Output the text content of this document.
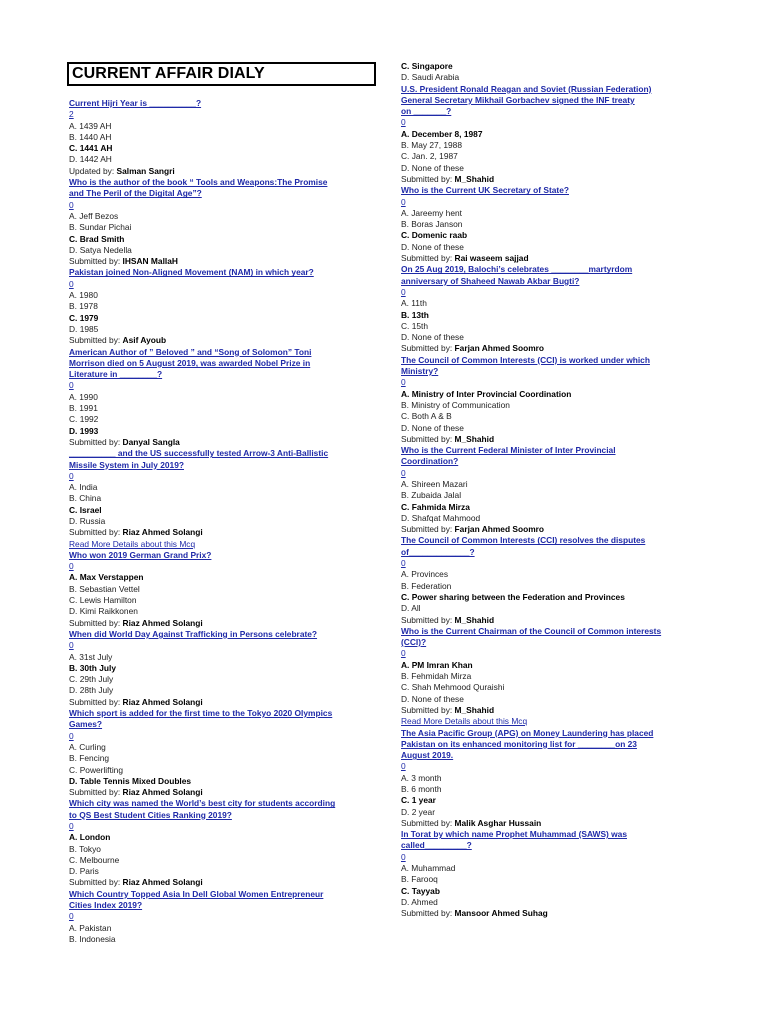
CURRENT AFFAIR DIALY
Current Hijri Year is __________?
2
A. 1439 AH
B. 1440 AH
C. 1441 AH
D. 1442 AH
Updated by: Salman Sangri
Who is the author of the book “ Tools and Weapons:The Promise
and The Peril of the Digital Age”?
0
A. Jeff Bezos
B. Sundar Pichai
C. Brad Smith
D. Satya Nedella
Submitted by: IHSAN MallaH
Pakistan joined Non-Aligned Movement (NAM) in which year?
0
A. 1980
B. 1978
C. 1979
D. 1985
Submitted by: Asif Ayoub
American Author of ” Beloved ” and “Song of Solomon” Toni
Morrison died on 5 August 2019, was awarded Nobel Prize in
Literature in ________?
0
A. 1990
B. 1991
C. 1992
D. 1993
Submitted by: Danyal Sangla
__________ and the US successfully tested Arrow-3 Anti-Ballistic
Missile System in July 2019?
0
A. India
B. China
C. Israel
D. Russia
Submitted by: Riaz Ahmed Solangi
Read More Details about this Mcq
Who won 2019 German Grand Prix?
0
A. Max Verstappen
B. Sebastian Vettel
C. Lewis Hamilton
D. Kimi Raikkonen
Submitted by: Riaz Ahmed Solangi
When did World Day Against Trafficking in Persons celebrate?
0
A. 31st July
B. 30th July
C. 29th July
D. 28th July
Submitted by: Riaz Ahmed Solangi
Which sport is added for the first time to the Tokyo 2020 Olympics
Games?
0
A. Curling
B. Fencing
C. Powerlifting
D. Table Tennis Mixed Doubles
Submitted by: Riaz Ahmed Solangi
Which city was named the World’s best city for students according
to QS Best Student Cities Ranking 2019?
0
A. London
B. Tokyo
C. Melbourne
D. Paris
Submitted by: Riaz Ahmed Solangi
Which Country Topped Asia In Dell Global Women Entrepreneur
Cities Index 2019?
0
A. Pakistan
B. Indonesia
C. Singapore
D. Saudi Arabia
U.S. President Ronald Reagan and Soviet (Russian Federation)
General Secretary Mikhail Gorbachev signed the INF treaty
on _______?
0
A. December 8, 1987
B. May 27, 1988
C. Jan. 2, 1987
D. None of these
Submitted by: M_Shahid
Who is the Current UK Secretary of State?
0
A. Jareemy hent
B. Boras Janson
C. Domenic raab
D. None of these
Submitted by: Rai waseem sajjad
On 25 Aug 2019, Balochi’s celebrates ________martyrdom
anniversary of Shaheed Nawab Akbar Bugti?
0
A. 11th
B. 13th
C. 15th
D. None of these
Submitted by: Farjan Ahmed Soomro
The Council of Common Interests (CCI) is worked under which
Ministry?
0
A. Ministry of Inter Provincial Coordination
B. Ministry of Communication
C. Both A & B
D. None of these
Submitted by: M_Shahid
Who is the Current Federal Minister of Inter Provincial
Coordination?
0
A. Shireen Mazari
B. Zubaida Jalal
C. Fahmida Mirza
D. Shafqat Mahmood
Submitted by: Farjan Ahmed Soomro
The Council of Common Interests (CCI) resolves the disputes
of_____________?
0
A. Provinces
B. Federation
C. Power sharing between the Federation and Provinces
D. All
Submitted by: M_Shahid
Who is the Current Chairman of the Council of Common interests
(CCI)?
0
A. PM Imran Khan
B. Fehmidah Mirza
C. Shah Mehmood Quraishi
D. None of these
Submitted by: M_Shahid
Read More Details about this Mcq
The Asia Pacific Group (APG) on Money Laundering has placed
Pakistan on its enhanced monitoring list for ________on 23
August 2019.
0
A. 3 month
B. 6 month
C. 1 year
D. 2 year
Submitted by: Malik Asghar Hussain
In Torat by which name Prophet Muhammad (SAWS) was
called_________?
0
A. Muhammad
B. Farooq
C. Tayyab
D. Ahmed
Submitted by: Mansoor Ahmed Suhag
